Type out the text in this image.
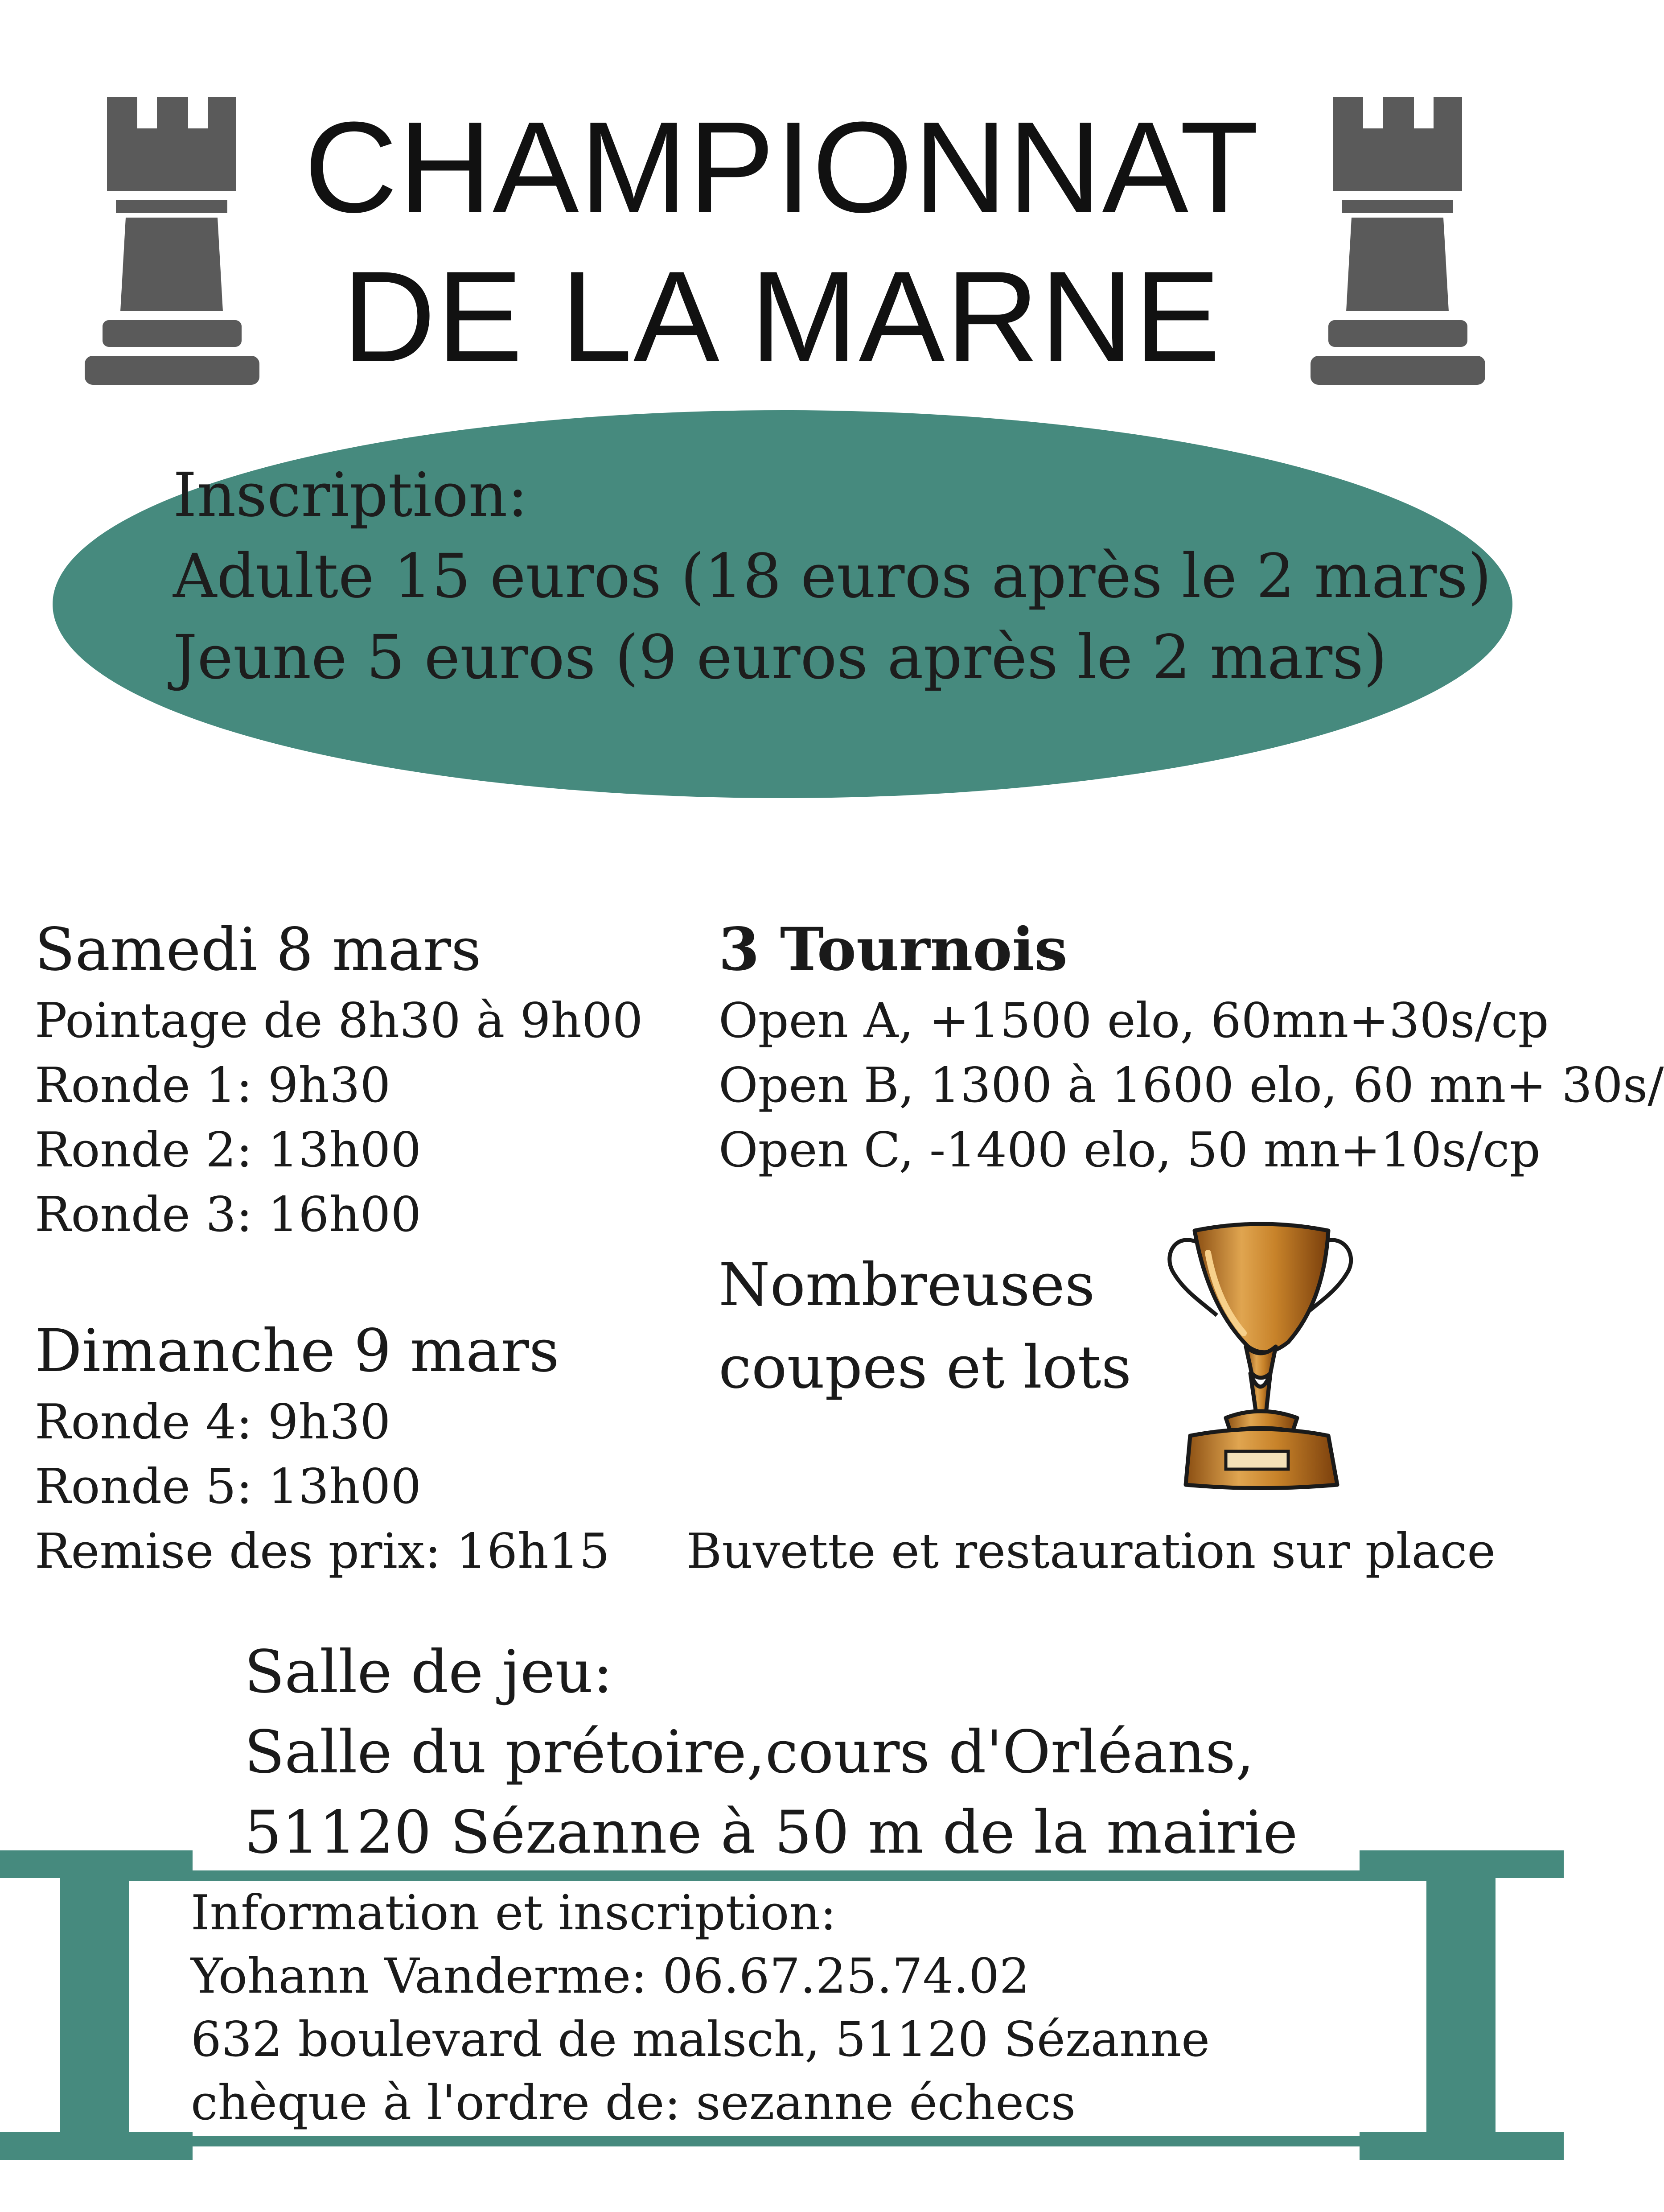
CHAMPIONNAT
DE LA MARNE
Inscription:
Adulte 15 euros (18 euros après le 2 mars)
Jeune 5 euros (9 euros après le 2 mars)
Samedi 8 mars
Pointage de 8h30 à 9h00
Ronde 1: 9h30
Ronde 2: 13h00
Ronde 3: 16h00
Dimanche 9 mars
Ronde 4: 9h30
Ronde 5: 13h00
Remise des prix: 16h15
3 Tournois
Open A, +1500 elo, 60mn+30s/cp
Open B, 1300 à 1600 elo, 60 mn+ 30s/
Open C, -1400 elo, 50 mn+10s/cp
Nombreuses
coupes et lots
Buvette et restauration sur place
Salle de jeu:
Salle du prétoire,cours d'Orléans,
51120 Sézanne à 50 m de la mairie
Information et inscription:
Yohann Vanderme: 06.67.25.74.02
632 boulevard de malsch, 51120 Sézanne
chèque à l'ordre de: sezanne échecs
